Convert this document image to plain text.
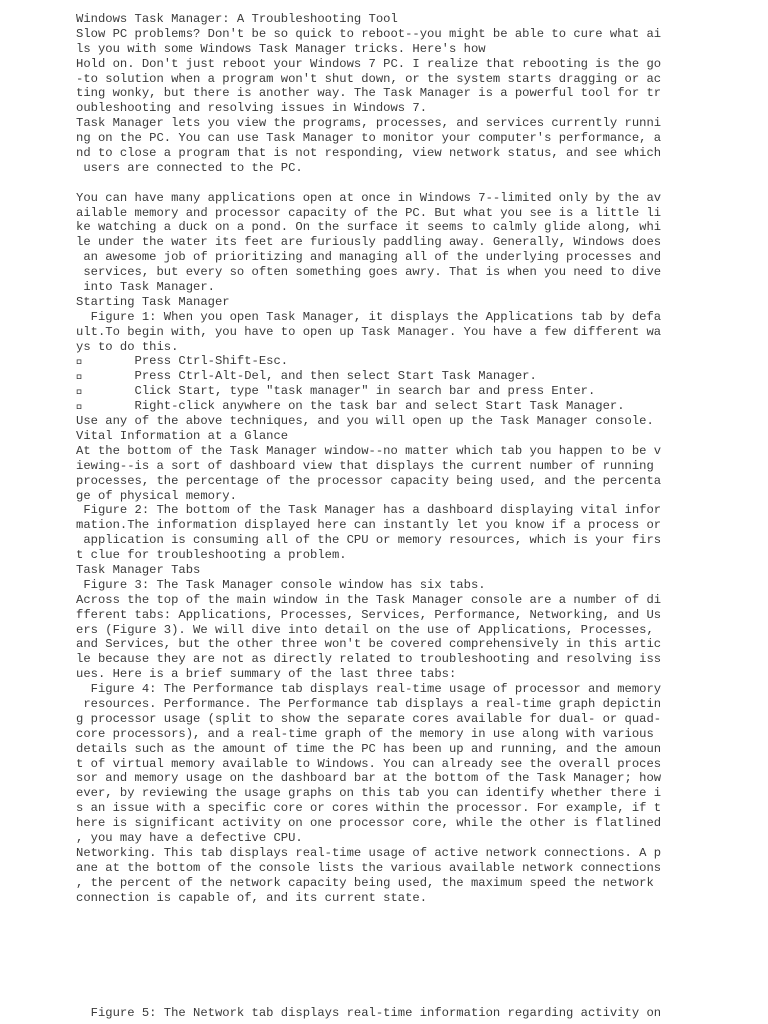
Windows Task Manager: A Troubleshooting Tool
Slow PC problems? Don't be so quick to reboot--you might be able to cure what ai
ls you with some Windows Task Manager tricks. Here's how
Hold on. Don't just reboot your Windows 7 PC. I realize that rebooting is the go
-to solution when a program won't shut down, or the system starts dragging or ac
ting wonky, but there is another way. The Task Manager is a powerful tool for tr
oubleshooting and resolving issues in Windows 7.
Task Manager lets you view the programs, processes, and services currently runni
ng on the PC. You can use Task Manager to monitor your computer's performance, a
nd to close a program that is not responding, view network status, and see which
users are connected to the PC.
You can have many applications open at once in Windows 7--limited only by the av
ailable memory and processor capacity of the PC. But what you see is a little li
ke watching a duck on a pond. On the surface it seems to calmly glide along, whi
le under the water its feet are furiously paddling away. Generally, Windows does
an awesome job of prioritizing and managing all of the underlying processes and
services, but every so often something goes awry. That is when you need to dive
into Task Manager.
Starting Task Manager
Figure 1: When you open Task Manager, it displays the Applications tab by defa
ult.To begin with, you have to open up Task Manager. You have a few different wa
ys to do this.
Press Ctrl-Shift-Esc.
Press Ctrl-Alt-Del, and then select Start Task Manager.
Click Start, type "task manager" in search bar and press Enter.
Right-click anywhere on the task bar and select Start Task Manager.
Use any of the above techniques, and you will open up the Task Manager console.
Vital Information at a Glance
At the bottom of the Task Manager window--no matter which tab you happen to be v
iewing--is a sort of dashboard view that displays the current number of running
processes, the percentage of the processor capacity being used, and the percenta
ge of physical memory.
Figure 2: The bottom of the Task Manager has a dashboard displaying vital infor
mation.The information displayed here can instantly let you know if a process or
application is consuming all of the CPU or memory resources, which is your firs
t clue for troubleshooting a problem.
Task Manager Tabs
Figure 3: The Task Manager console window has six tabs.
Across the top of the main window in the Task Manager console are a number of di
fferent tabs: Applications, Processes, Services, Performance, Networking, and Us
ers (Figure 3). We will dive into detail on the use of Applications, Processes,
and Services, but the other three won't be covered comprehensively in this artic
le because they are not as directly related to troubleshooting and resolving iss
ues. Here is a brief summary of the last three tabs:
Figure 4: The Performance tab displays real-time usage of processor and memory
resources. Performance. The Performance tab displays a real-time graph depictin
g processor usage (split to show the separate cores available for dual- or quad-
core processors), and a real-time graph of the memory in use along with various
details such as the amount of time the PC has been up and running, and the amoun
t of virtual memory available to Windows. You can already see the overall proces
sor and memory usage on the dashboard bar at the bottom of the Task Manager; how
ever, by reviewing the usage graphs on this tab you can identify whether there i
s an issue with a specific core or cores within the processor. For example, if t
here is significant activity on one processor core, while the other is flatlined
, you may have a defective CPU.
Networking. This tab displays real-time usage of active network connections. A p
ane at the bottom of the console lists the various available network connections
, the percent of the network capacity being used, the maximum speed the network
connection is capable of, and its current state.
Figure 5: The Network tab displays real-time information regarding activity on
